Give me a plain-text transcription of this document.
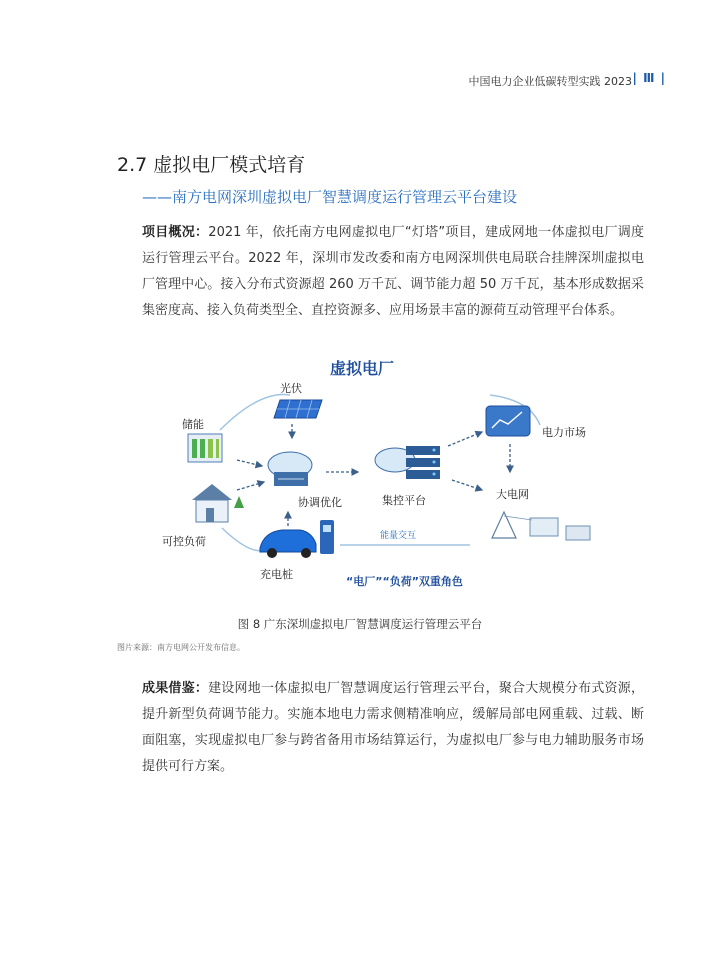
中国电力企业低碳转型实践 2023 | Ⅲ |
2.7 虚拟电厂模式培育
——南方电网深圳虚拟电厂智慧调度运行管理云平台建设
项目概况：2021 年，依托南方电网虚拟电厂“灯塔”项目，建成网地一体虚拟电厂调度运行管理云平台。2022 年，深圳市发改委和南方电网深圳供电局联合挂牌深圳虚拟电厂管理中心。接入分布式资源超 260 万千瓦、调节能力超 50 万千瓦，基本形成数据采集密度高、接入负荷类型全、直控资源多、应用场景丰富的源荷互动管理平台体系。
虚拟电厂
光伏
储能
协调优化	集控平台
电力市场
大电网
可控负荷
充电桩
能量交互
“电厂”“负荷”双重角色
图 8 广东深圳虚拟电厂智慧调度运行管理云平台
图片来源：南方电网公开发布信息。
成果借鉴：建设网地一体虚拟电厂智慧调度运行管理云平台，聚合大规模分布式资源，提升新型负荷调节能力。实施本地电力需求侧精准响应，缓解局部电网重载、过载、断面阻塞，实现虚拟电厂参与跨省备用市场结算运行，为虚拟电厂参与电力辅助服务市场提供可行方案。
